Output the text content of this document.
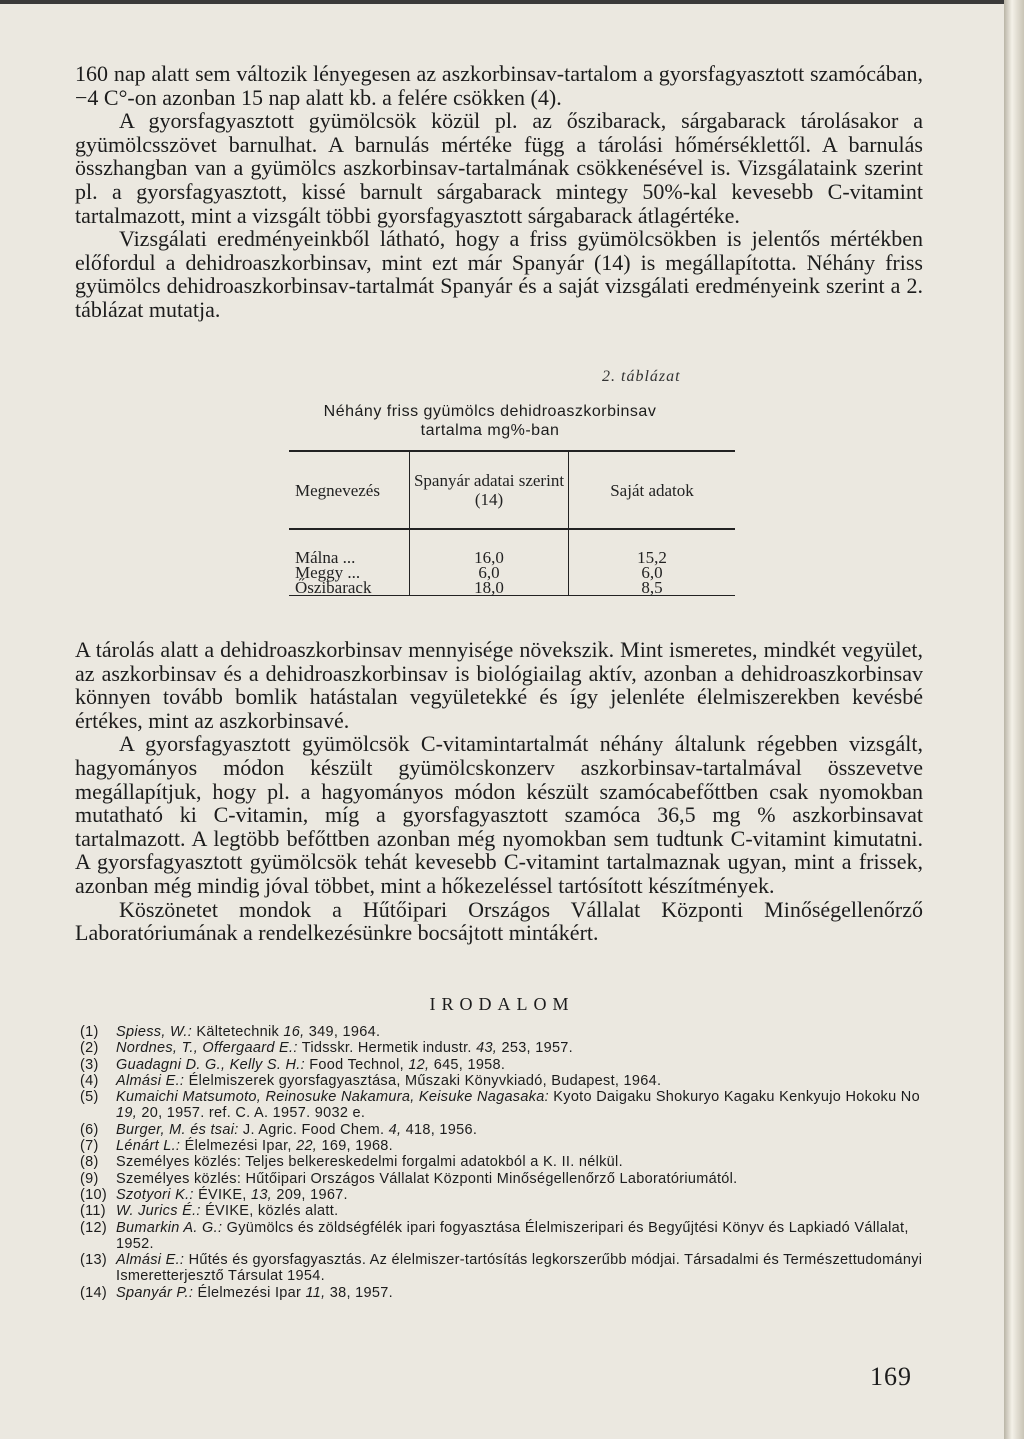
160 nap alatt sem változik lényegesen az aszkorbinsav-tartalom a gyorsfagyasztott szamócában, −4 C°-on azonban 15 nap alatt kb. a felére csökken (4).

A gyorsfagyasztott gyümölcsök közül pl. az őszibarack, sárgabarack tárolásakor a gyümölcsszövet barnulhat. A barnulás mértéke függ a tárolási hőmérséklettől. A barnulás összhangban van a gyümölcs aszkorbinsav-tartalmának csökkenésével is. Vizsgálataink szerint pl. a gyorsfagyasztott, kissé barnult sárgabarack mintegy 50%-kal kevesebb C-vitamint tartalmazott, mint a vizsgált többi gyorsfagyasztott sárgabarack átlagértéke.

Vizsgálati eredményeinkből látható, hogy a friss gyümölcsökben is jelentős mértékben előfordul a dehidroaszkorbinsav, mint ezt már Spanyár (14) is megállapította. Néhány friss gyümölcs dehidroaszkorbinsav-tartalmát Spanyár és a saját vizsgálati eredményeink szerint a 2. táblázat mutatja.

2. táblázat
Néhány friss gyümölcs dehidroaszkorbinsav
tartalma mg%-ban
Megnevezés	Spanyár adatai szerint (14)	Saját adatok
Málna ...	16,0	15,2
Meggy ...	6,0	6,0
Őszibarack	18,0	8,5

A tárolás alatt a dehidroaszkorbinsav mennyisége növekszik. Mint ismeretes, mindkét vegyület, az aszkorbinsav és a dehidroaszkorbinsav is biológiailag aktív, azonban a dehidroaszkorbinsav könnyen tovább bomlik hatástalan vegyületekké és így jelenléte élelmiszerekben kevésbé értékes, mint az aszkorbinsavé.

A gyorsfagyasztott gyümölcsök C-vitamintartalmát néhány általunk régebben vizsgált, hagyományos módon készült gyümölcskonzerv aszkorbinsav-tartalmával összevetve megállapítjuk, hogy pl. a hagyományos módon készült szamócabefőttben csak nyomokban mutatható ki C-vitamin, míg a gyorsfagyasztott szamóca 36,5 mg % aszkorbinsavat tartalmazott. A legtöbb befőttben azonban még nyomokban sem tudtunk C-vitamint kimutatni. A gyorsfagyasztott gyümölcsök tehát kevesebb C-vitamint tartalmaznak ugyan, mint a frissek, azonban még mindig jóval többet, mint a hőkezeléssel tartósított készítmények.

Köszönetet mondok a Hűtőipari Országos Vállalat Központi Minőségellenőrző Laboratóriumának a rendelkezésünkre bocsájtott mintákért.

IRODALOM
(1)	Spiess, W.: Kältetechnik 16, 349, 1964.
(2)	Nordnes, T., Offergaard E.: Tidsskr. Hermetik industr. 43, 253, 1957.
(3)	Guadagni D. G., Kelly S. H.: Food Technol, 12, 645, 1958.
(4)	Almási E.: Élelmiszerek gyorsfagyasztása, Műszaki Könyvkiadó, Budapest, 1964.
(5)	Kumaichi Matsumoto, Reinosuke Nakamura, Keisuke Nagasaka: Kyoto Daigaku Shokuryo Kagaku Kenkyujo Hokoku No 19, 20, 1957. ref. C. A. 1957. 9032 e.
(6)	Burger, M. és tsai: J. Agric. Food Chem. 4, 418, 1956.
(7)	Lénárt L.: Élelmezési Ipar, 22, 169, 1968.
(8)	Személyes közlés: Teljes belkereskedelmi forgalmi adatokból a K. II. nélkül.
(9)	Személyes közlés: Hűtőipari Országos Vállalat Központi Minőségellenőrző Laboratóriumától.
(10) Szotyori K.: ÉVIKE, 13, 209, 1967.
(11) W. Jurics É.: ÉVIKE, közlés alatt.
(12) Bumarkin A. G.: Gyümölcs és zöldségfélék ipari fogyasztása Élelmiszeripari és Begyűjtési Könyv és Lapkiadó Vállalat, 1952.
(13) Almási E.: Hűtés és gyorsfagyasztás. Az élelmiszer-tartósítás legkorszerűbb módjai. Társadalmi és Természettudományi Ismeretterjesztő Társulat 1954.
(14) Spanyár P.: Élelmezési Ipar 11, 38, 1957.
169
